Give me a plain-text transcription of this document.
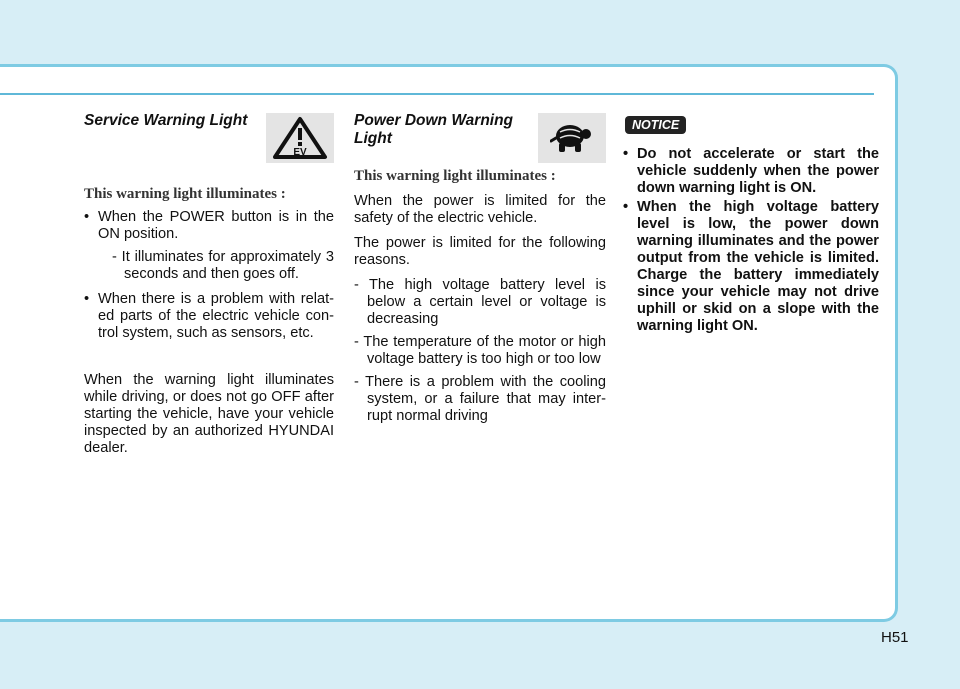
Service Warning Light
EV

This warning light illuminates :

• When the POWER button is in the ON position.

- It illuminates for approximately 3 seconds and then goes off.

• When there is a problem with relat- ed parts of the electric vehicle con- trol system, such as sensors, etc.

When the warning light illuminates while driving, or does not go OFF after starting the vehicle, have your vehicle inspected by an authorized HYUNDAI dealer.

Power Down Warning Light

This warning light illuminates :

When the power is limited for the safety of the electric vehicle.

The power is limited for the following reasons.

- The high voltage battery level is below a certain level or voltage is decreasing

- The temperature of the motor or high voltage battery is too high or too low

- There is a problem with the cooling system, or a failure that may inter- rupt normal driving

NOTICE

• Do not accelerate or start the vehicle suddenly when the power down warning light is ON.

• When the high voltage battery level is low, the power down warning illuminates and the power output from the vehicle is limited. Charge the battery immediately since your vehicle may not drive uphill or skid on a slope with the warning light ON.

H51
